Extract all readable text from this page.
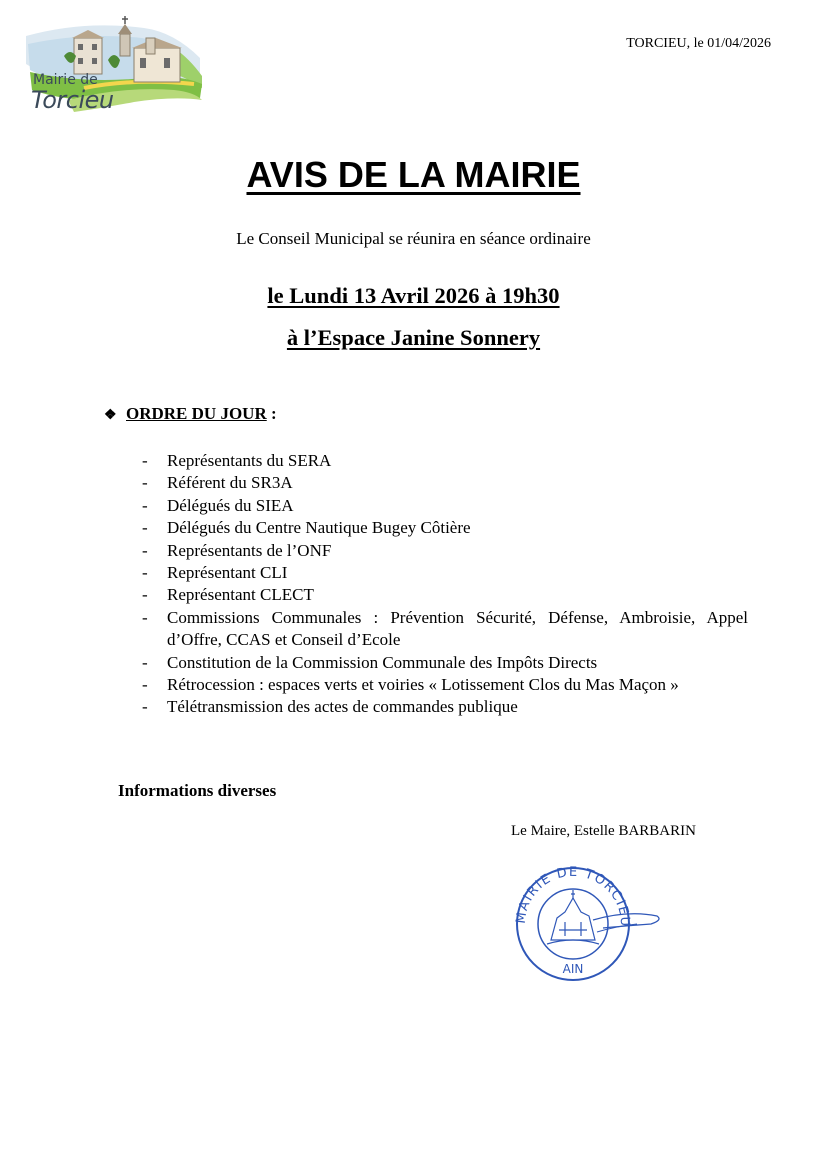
Mairie de
Torcieu
TORCIEU, le 01/04/2026
AVIS DE LA MAIRIE
Le Conseil Municipal se réunira en séance ordinaire
le Lundi 13 Avril 2026 à 19h30
à l’Espace Janine Sonnery
❖ ORDRE DU JOUR :
- Représentants du SERA
- Référent du SR3A
- Délégués du SIEA
- Délégués du Centre Nautique Bugey Côtière
- Représentants de l’ONF
- Représentant CLI
- Représentant CLECT
- Commissions Communales : Prévention Sécurité, Défense, Ambroisie, Appel d’Offre, CCAS et Conseil d’Ecole
- Constitution de la Commission Communale des Impôts Directs
- Rétrocession : espaces verts et voiries « Lotissement Clos du Mas Maçon »
- Télétransmission des actes de commandes publique
Informations diverses
Le Maire, Estelle BARBARIN
MAIRIE DE TORCIEU
AIN
